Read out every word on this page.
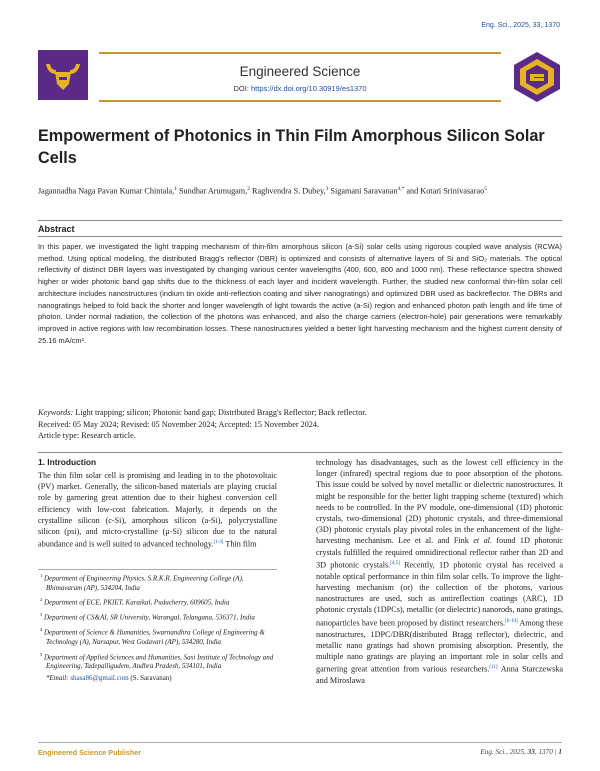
Eng. Sci., 2025, 33, 1370
Engineered Science
DOI: https://dx.doi.org/10.30919/es1370
Empowerment of Photonics in Thin Film Amorphous Silicon Solar Cells
Jagannadha Naga Pavan Kumar Chintala,$^1$ Sundhar Arumugam,$^2$ Raghvendra S. Dubey,$^3$ Sigamani Saravanan$^{4,*}$ and Kotari Srinivasarao$^5$
Abstract
In this paper, we investigated the light trapping mechanism of thin-film amorphous silicon (a-Si) solar cells using rigorous coupled wave analysis (RCWA) method. Using optical modeling, the distributed Bragg's reflector (DBR) is optimized and consists of alternative layers of Si and SiO₂ materials. The optical reflectivity of distinct DBR layers was investigated by changing various center wavelengths (400, 600, 800 and 1000 nm). These reflectance spectra showed higher or wider photonic band gap shifts due to the thickness of each layer and incident wavelength. Further, the studied new conformal thin-film solar cell architecture includes nanostructures (indium tin oxide anti-reflection coating and silver nanogratings) and optimized DBR used as backreflector. The DBRs and nanogratings helped to fold back the shorter and longer wavelength of light towards the active (a-Si) region and enhanced photon path length and life time of photon. Under normal radiation, the collection of the photons was enhanced, and also the charge carriers (electron-hole) pair generations were remarkably improved in active regions with low recombination losses. These nanostructures yielded a better light harvesting mechanism and the highest current density of 25.16 mA/cm².
Keywords: Light trapping; silicon; Photonic band gap; Distributed Bragg's Reflector; Back reflector.
Received: 05 May 2024; Revised: 05 November 2024; Accepted: 15 November 2024.
Article type: Research article.
1. Introduction
The thin film solar cell is promising and leading in to the photovoltaic (PV) market. Generally, the silicon-based materials are playing crucial role by garnering great attention due to their highest conversion cell efficiency with low-cost fabrication. Majorly, it depends on the crystalline silicon (c-Si), amorphous silicon (a-Si), polycrystalline silicon (psi), and micro-crystalline (μ-Si) silicon due to the natural abundance and is well suited to advanced technology.[1-3] Thin film
$^1$ Department of Engineering Physics, S.R.K.R. Engineering College (A), Bhimavaram (AP), 534204, India
$^2$ Department of ECE, PKIET, Karaikal, Puducherry, 609605, India
$^3$ Department of CS&AI, SR University, Warangal, Telangana, 536371, India
$^4$ Department of Science & Humanities, Swarnandhra College of Engineering & Technology (A), Narsapur, West Godavari (AP), 534280, India
$^5$ Department of Applied Sciences and Humanities, Sasi Institute of Technology and Engineering, Tadepalligudem, Andhra Pradesh, 534101, India
*Email: shasa86@gmail.com (S. Saravanan)
technology has disadvantages, such as the lowest cell efficiency in the longer (infrared) spectral regions due to poor absorption of the photons. This issue could be solved by novel metallic or dielectric nanostructures. It might be responsible for the better light trapping scheme (textured) which needs to be controlled. In the PV module, one-dimensional (1D) photonic crystals, two-dimensional (2D) photonic crystals, and three-dimensional (3D) photonic crystals play pivotal roles in the enhancement of the light-harvesting mechanism. Lee et al. and Fink et al. found 1D photonic crystals fulfilled the required omnidirectional reflector rather than 2D and 3D photonic crystals.[4,5] Recently, 1D photonic crystal has received a notable optical performance in thin film solar cells. To improve the light-harvesting mechanism (or) the collection of the photons, various nanostructures are used, such as antireflection coatings (ARC), 1D photonic crystals (1DPCs), metallic (or dielectric) nanorods, nano gratings, nanoparticles have been proposed by distinct researchers.[6-10] Among these nanostructures, 1DPC/DBR(distributed Bragg reflector), dielectric, and metallic nano gratings had shown promising absorption. Presently, the multiple nano gratings are playing an important role in solar cells and garnering great attention from various researchers.[11] Anna Starczewska and Miroslawa
Engineered Science Publisher	Eng. Sci., 2025, 33, 1370 | 1
